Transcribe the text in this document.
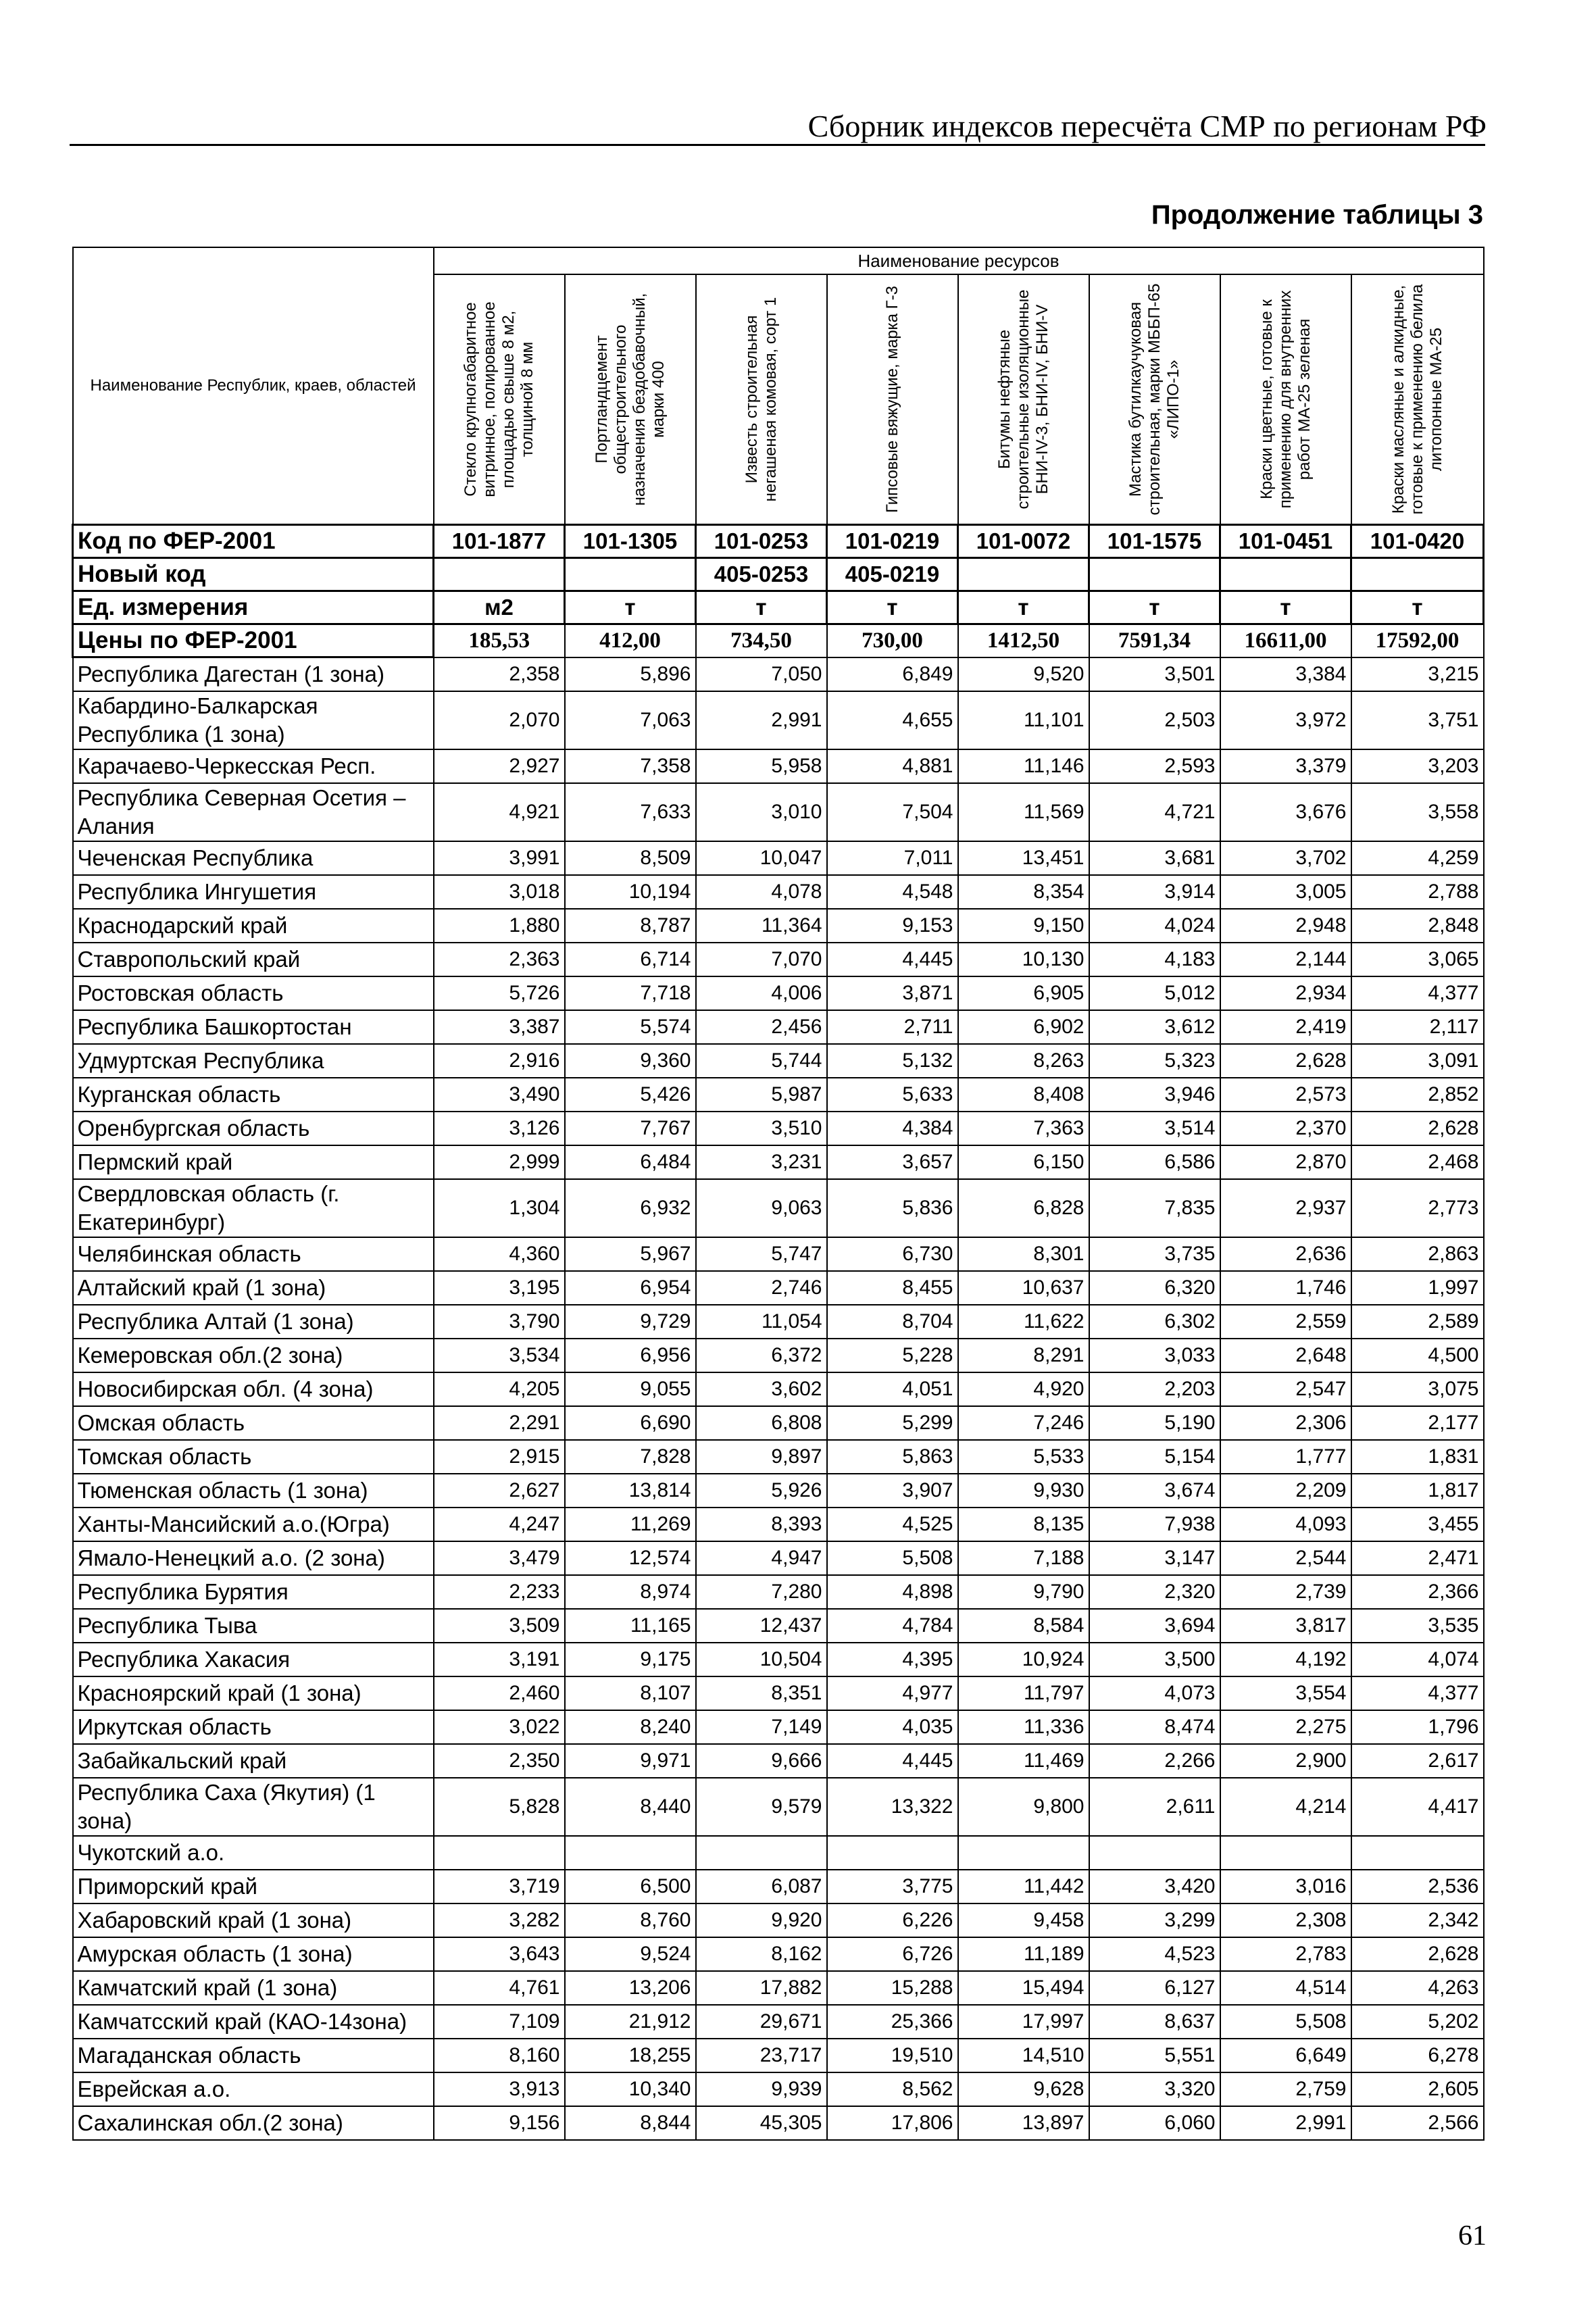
Сборник индексов пересчёта СМР по регионам РФ
Продолжение таблицы 3
Наименование Республик, краев, областей	Наименование ресурсов							

	Стекло крупногабаритное витринное, полированное площадью свыше 8 м2, толщиной 8 мм	Портландцемент общестроительного назначения бездобавочный, марки 400	Известь строительная негашеная комовая, сорт 1	Гипсовые вяжущие, марка Г-3	Битумы нефтяные строительные изоляционные БНИ-IV-3, БНИ-IV, БНИ-V	Мастика бутилкаучуковая строительная, марки МББП-65 «ЛИПО-1»	Краски цветные, готовые к применению для внутренних работ МА-25 зеленая	Краски масляные и алкидные, готовые к применению белила литопонные МА-25

Код по ФЕР-2001	101-1877	101-1305	101-0253	101-0219	101-0072	101-1575	101-0451	101-0420
Новый код			405-0253	405-0219				
Ед. измерения	м2	т	т	т	т	т	т	т
Цены по ФЕР-2001	185,53	412,00	734,50	730,00	1412,50	7591,34	16611,00	17592,00
Республика Дагестан (1 зона)	2,358	5,896	7,050	6,849	9,520	3,501	3,384	3,215
Кабардино-Балкарская Республика (1 зона)	2,070	7,063	2,991	4,655	11,101	2,503	3,972	3,751
Карачаево-Черкесская Респ.	2,927	7,358	5,958	4,881	11,146	2,593	3,379	3,203
Республика Северная Осетия – Алания	4,921	7,633	3,010	7,504	11,569	4,721	3,676	3,558
Чеченская Республика	3,991	8,509	10,047	7,011	13,451	3,681	3,702	4,259
Республика Ингушетия	3,018	10,194	4,078	4,548	8,354	3,914	3,005	2,788
Краснодарский край	1,880	8,787	11,364	9,153	9,150	4,024	2,948	2,848
Ставропольский край	2,363	6,714	7,070	4,445	10,130	4,183	2,144	3,065
Ростовская область	5,726	7,718	4,006	3,871	6,905	5,012	2,934	4,377
Республика Башкортостан	3,387	5,574	2,456	2,711	6,902	3,612	2,419	2,117
Удмуртская Республика	2,916	9,360	5,744	5,132	8,263	5,323	2,628	3,091
Курганская область	3,490	5,426	5,987	5,633	8,408	3,946	2,573	2,852
Оренбургская область	3,126	7,767	3,510	4,384	7,363	3,514	2,370	2,628
Пермский край	2,999	6,484	3,231	3,657	6,150	6,586	2,870	2,468
Свердловская область (г. Екатеринбург)	1,304	6,932	9,063	5,836	6,828	7,835	2,937	2,773
Челябинская область	4,360	5,967	5,747	6,730	8,301	3,735	2,636	2,863
Алтайский край (1 зона)	3,195	6,954	2,746	8,455	10,637	6,320	1,746	1,997
Республика Алтай (1 зона)	3,790	9,729	11,054	8,704	11,622	6,302	2,559	2,589
Кемеровская обл.(2 зона)	3,534	6,956	6,372	5,228	8,291	3,033	2,648	4,500
Новосибирская обл. (4 зона)	4,205	9,055	3,602	4,051	4,920	2,203	2,547	3,075
Омская область	2,291	6,690	6,808	5,299	7,246	5,190	2,306	2,177
Томская область	2,915	7,828	9,897	5,863	5,533	5,154	1,777	1,831
Тюменская область (1 зона)	2,627	13,814	5,926	3,907	9,930	3,674	2,209	1,817
Ханты-Мансийский а.о.(Югра)	4,247	11,269	8,393	4,525	8,135	7,938	4,093	3,455
Ямало-Ненецкий а.о. (2 зона)	3,479	12,574	4,947	5,508	7,188	3,147	2,544	2,471
Республика Бурятия	2,233	8,974	7,280	4,898	9,790	2,320	2,739	2,366
Республика Тыва	3,509	11,165	12,437	4,784	8,584	3,694	3,817	3,535
Республика Хакасия	3,191	9,175	10,504	4,395	10,924	3,500	4,192	4,074
Красноярский край (1 зона)	2,460	8,107	8,351	4,977	11,797	4,073	3,554	4,377
Иркутская область	3,022	8,240	7,149	4,035	11,336	8,474	2,275	1,796
Забайкальский край	2,350	9,971	9,666	4,445	11,469	2,266	2,900	2,617
Республика Саха (Якутия) (1 зона)	5,828	8,440	9,579	13,322	9,800	2,611	4,214	4,417
Чукотский а.о.								
Приморский край	3,719	6,500	6,087	3,775	11,442	3,420	3,016	2,536
Хабаровский край (1 зона)	3,282	8,760	9,920	6,226	9,458	3,299	2,308	2,342
Амурская область (1 зона)	3,643	9,524	8,162	6,726	11,189	4,523	2,783	2,628
Камчатский край (1 зона)	4,761	13,206	17,882	15,288	15,494	6,127	4,514	4,263
Камчатсский край (КАО-14зона)	7,109	21,912	29,671	25,366	17,997	8,637	5,508	5,202
Магаданская область	8,160	18,255	23,717	19,510	14,510	5,551	6,649	6,278
Еврейская а.о.	3,913	10,340	9,939	8,562	9,628	3,320	2,759	2,605
Сахалинская обл.(2 зона)	9,156	8,844	45,305	17,806	13,897	6,060	2,991	2,566
61
